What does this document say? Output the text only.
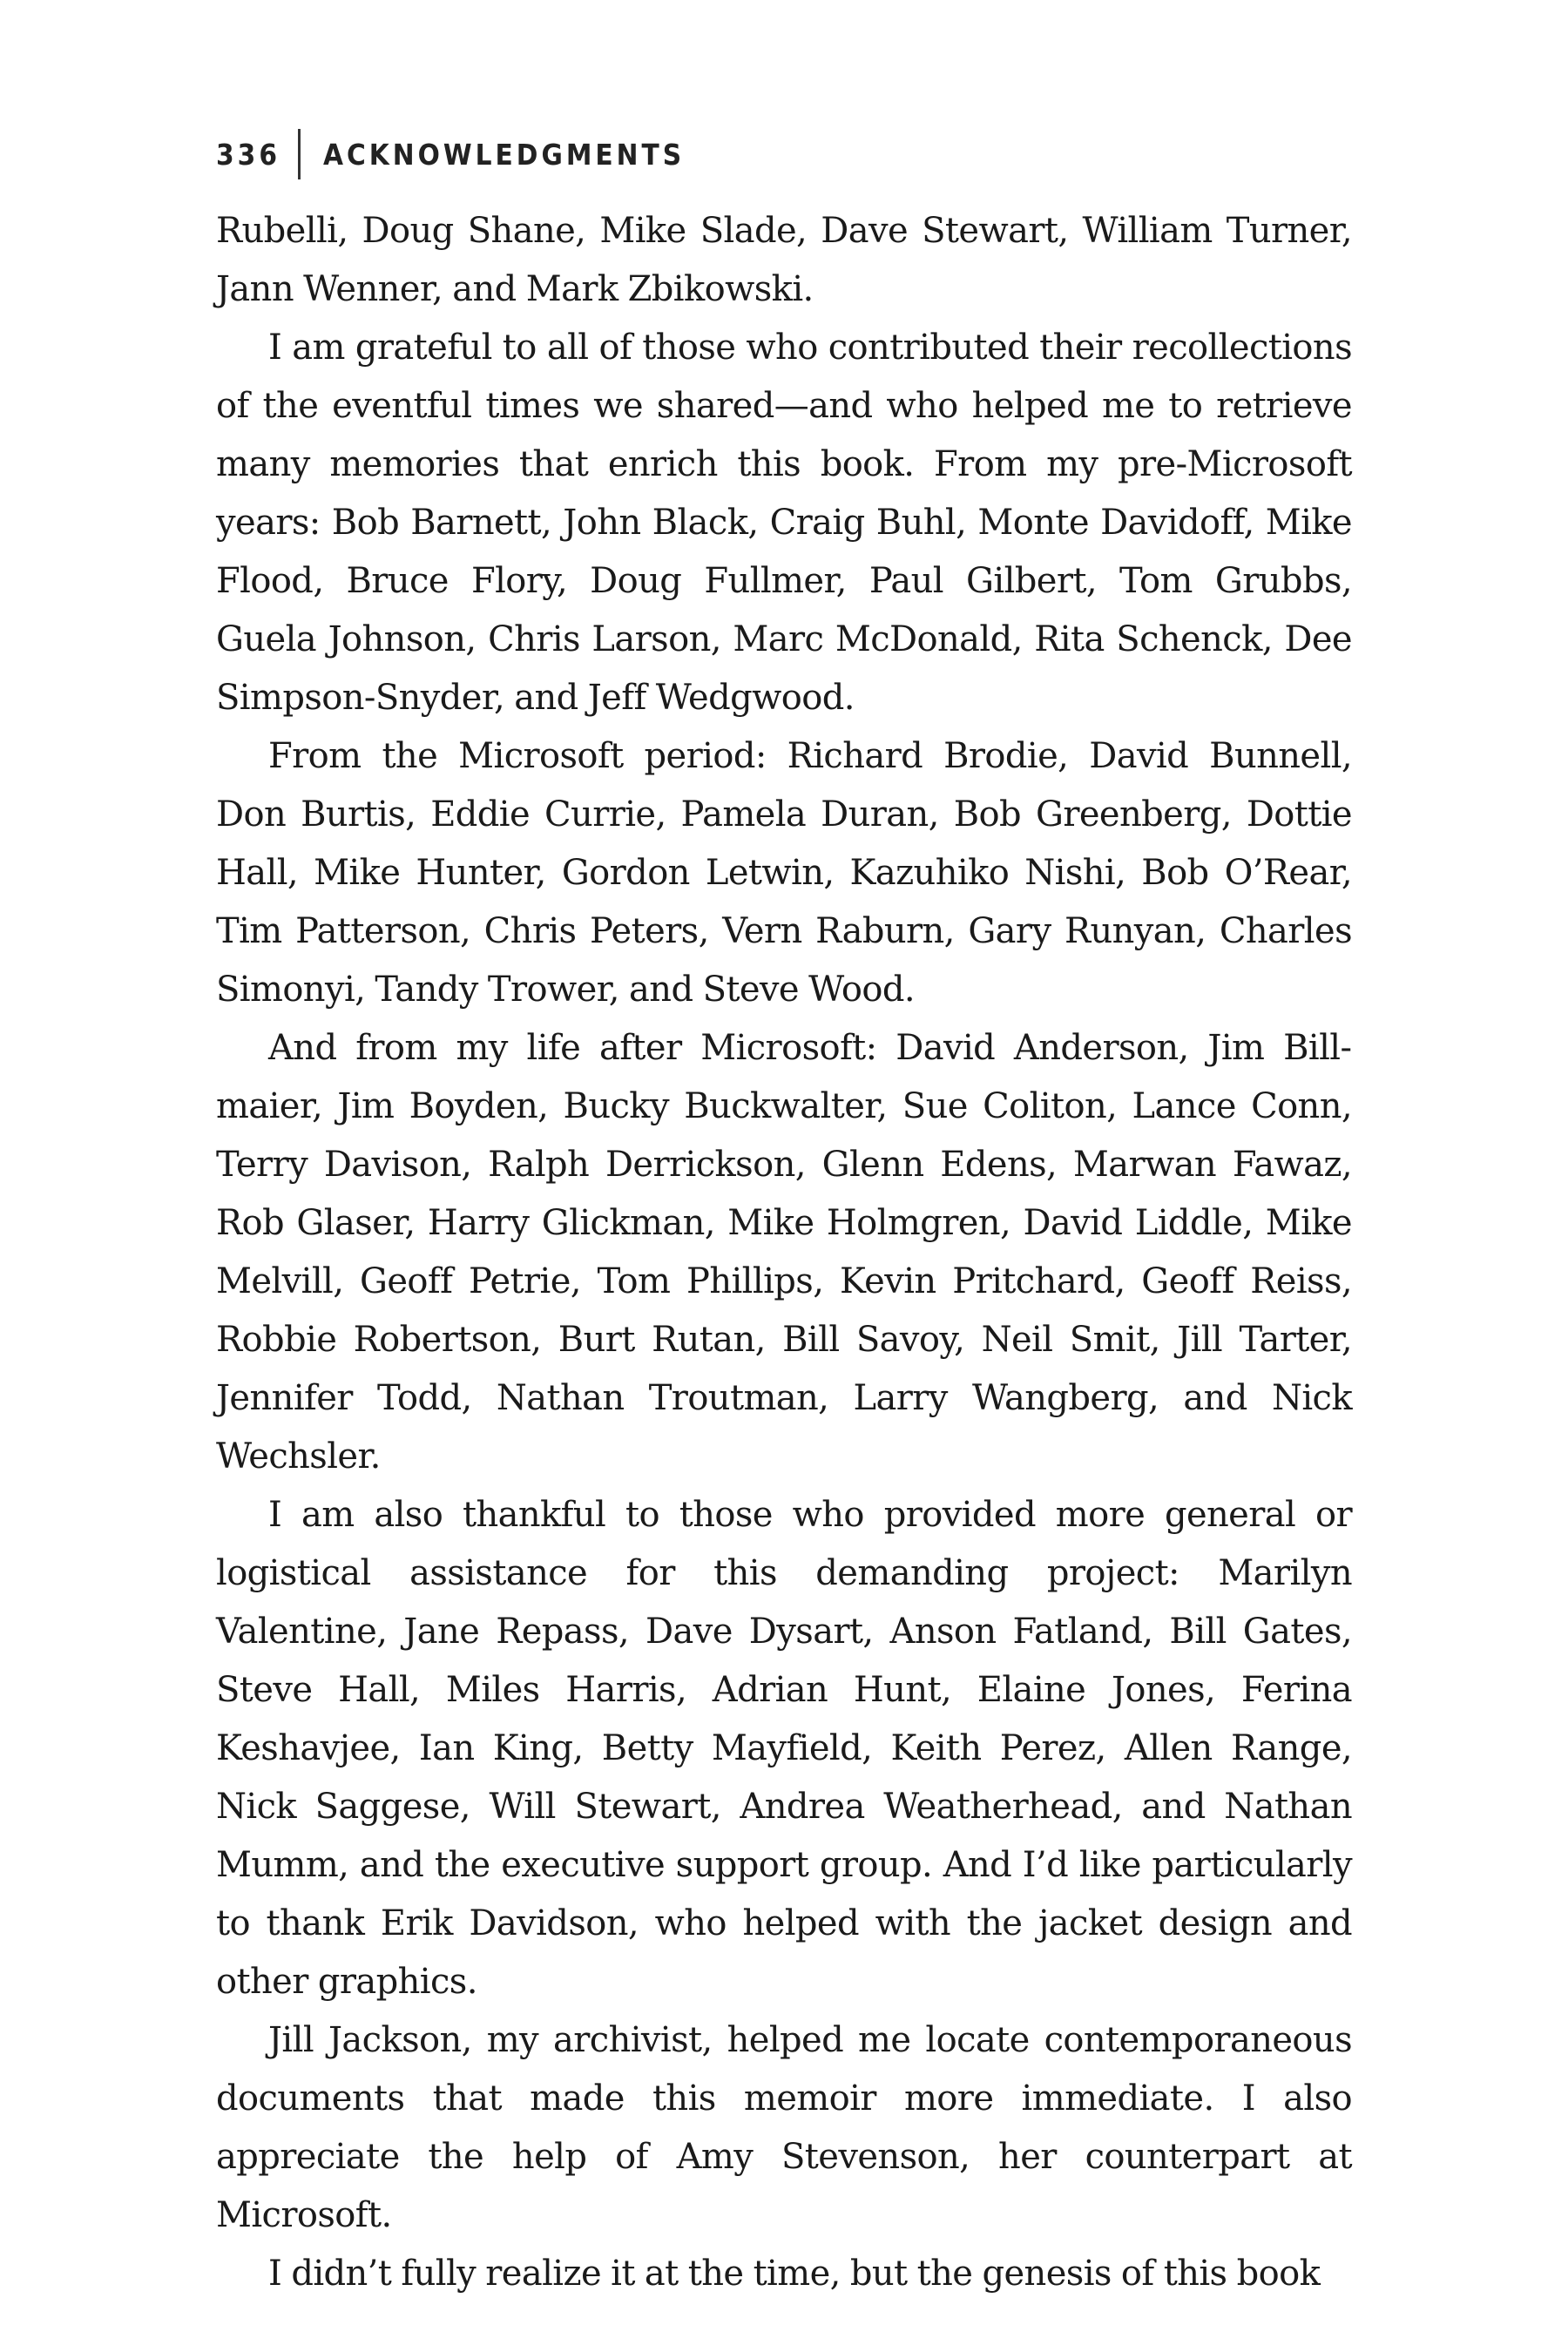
336 ACKNOWLEDGMENTS

Rubelli, Doug Shane, Mike Slade, Dave Stewart, William Turner, Jann Wenner, and Mark Zbikowski.

I am grateful to all of those who contributed their recollections of the eventful times we shared—and who helped me to retrieve many memories that enrich this book. From my pre-Microsoft years: Bob Barnett, John Black, Craig Buhl, Monte Davidoff, Mike Flood, Bruce Flory, Doug Fullmer, Paul Gilbert, Tom Grubbs, Guela Johnson, Chris Larson, Marc McDonald, Rita Schenck, Dee Simpson-Snyder, and Jeff Wedgwood.

From the Microsoft period: Richard Brodie, David Bunnell, Don Burtis, Eddie Currie, Pamela Duran, Bob Greenberg, Dottie Hall, Mike Hunter, Gordon Letwin, Kazuhiko Nishi, Bob O’Rear, Tim Patterson, Chris Peters, Vern Raburn, Gary Runyan, Charles Simonyi, Tandy Trower, and Steve Wood.

And from my life after Microsoft: David Anderson, Jim Billmaier, Jim Boyden, Bucky Buckwalter, Sue Coliton, Lance Conn, Terry Davison, Ralph Derrickson, Glenn Edens, Marwan Fawaz, Rob Glaser, Harry Glickman, Mike Holmgren, David Liddle, Mike Melvill, Geoff Petrie, Tom Phillips, Kevin Pritchard, Geoff Reiss, Robbie Robertson, Burt Rutan, Bill Savoy, Neil Smit, Jill Tarter, Jennifer Todd, Nathan Troutman, Larry Wangberg, and Nick Wechsler.

I am also thankful to those who provided more general or logistical assistance for this demanding project: Marilyn Valentine, Jane Repass, Dave Dysart, Anson Fatland, Bill Gates, Steve Hall, Miles Harris, Adrian Hunt, Elaine Jones, Ferina Keshavjee, Ian King, Betty Mayfield, Keith Perez, Allen Range, Nick Saggese, Will Stewart, Andrea Weatherhead, and Nathan Mumm, and the executive support group. And I’d like particularly to thank Erik Davidson, who helped with the jacket design and other graphics.

Jill Jackson, my archivist, helped me locate contemporaneous documents that made this memoir more immediate. I also appreciate the help of Amy Stevenson, her counterpart at Microsoft.

I didn’t fully realize it at the time, but the genesis of this book
